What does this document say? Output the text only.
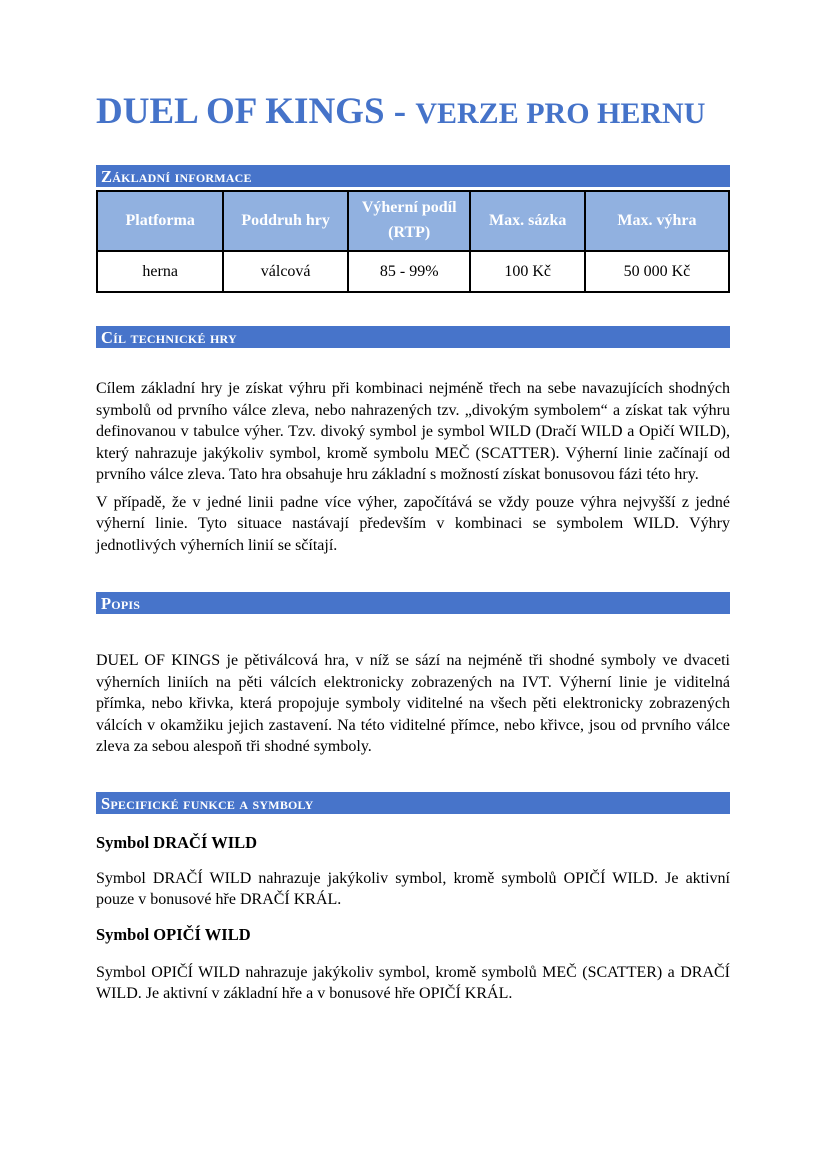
DUEL OF KINGS - VERZE PRO HERNU
Základní informace
Platforma	Poddruh hry	Výherní podíl (RTP)	Max. sázka	Max. výhra
herna	válcová	85 - 99%	100 Kč	50 000 Kč
Cíl technické hry

Cílem základní hry je získat výhru při kombinaci nejméně třech na sebe navazujících shodných symbolů od prvního válce zleva, nebo nahrazených tzv. „divokým symbolem“ a získat tak výhru definovanou v tabulce výher. Tzv. divoký symbol je symbol WILD (Dračí WILD a Opičí WILD), který nahrazuje jakýkoliv symbol, kromě symbolu MEČ (SCATTER). Výherní linie začínají od prvního válce zleva. Tato hra obsahuje hru základní s možností získat bonusovou fázi této hry.

V případě, že v jedné linii padne více výher, započítává se vždy pouze výhra nejvyšší z jedné výherní linie. Tyto situace nastávají především v kombinaci se symbolem WILD. Výhry jednotlivých výherních linií se sčítají.

Popis

DUEL OF KINGS je pětiválcová hra, v níž se sází na nejméně tři shodné symboly ve dvaceti výherních liniích na pěti válcích elektronicky zobrazených na IVT. Výherní linie je viditelná přímka, nebo křivka, která propojuje symboly viditelné na všech pěti elektronicky zobrazených válcích v okamžiku jejich zastavení. Na této viditelné přímce, nebo křivce, jsou od prvního válce zleva za sebou alespoň tři shodné symboly.

Specifické funkce a symboly
Symbol DRAČÍ WILD

Symbol DRAČÍ WILD nahrazuje jakýkoliv symbol, kromě symbolů OPIČÍ WILD. Je aktivní pouze v bonusové hře DRAČÍ KRÁL.

Symbol OPIČÍ WILD

Symbol OPIČÍ WILD nahrazuje jakýkoliv symbol, kromě symbolů MEČ (SCATTER) a DRAČÍ WILD. Je aktivní v základní hře a v bonusové hře OPIČÍ KRÁL.
